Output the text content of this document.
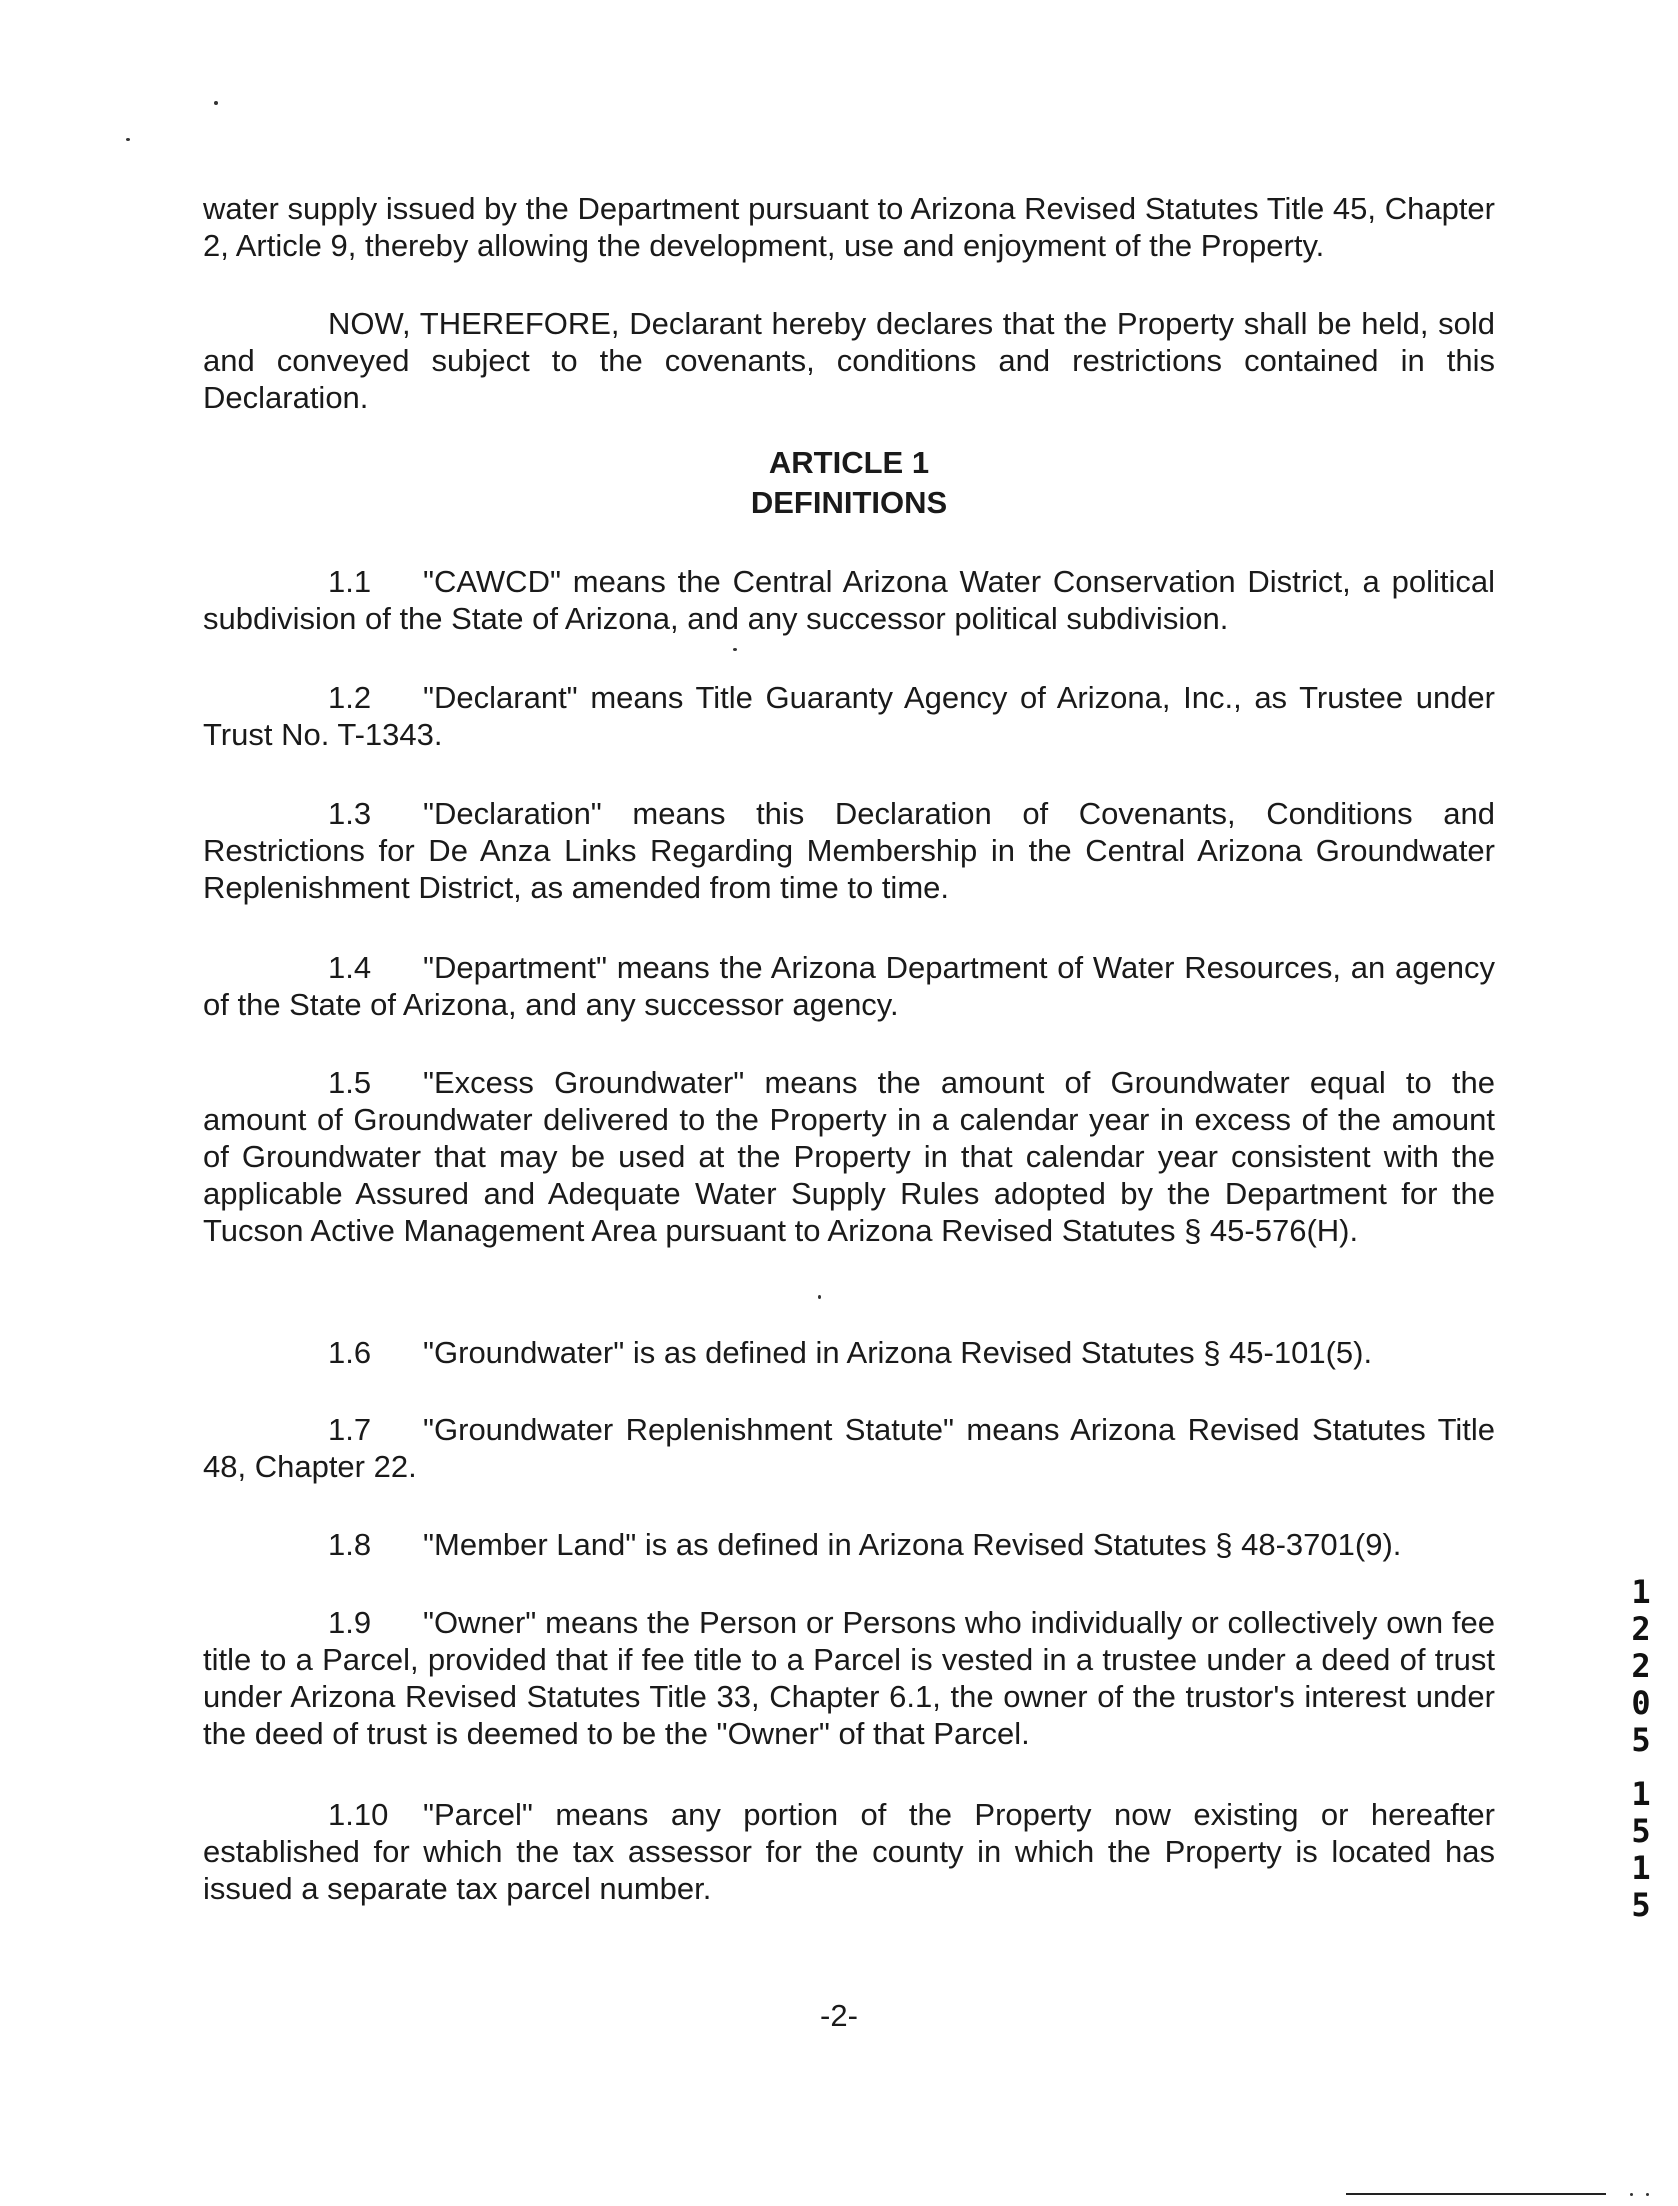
water supply issued by the Department pursuant to Arizona Revised Statutes Title 45, Chapter 2, Article 9, thereby allowing the development, use and enjoyment of the Property.

NOW, THEREFORE, Declarant hereby declares that the Property shall be held, sold and conveyed subject to the covenants, conditions and restrictions contained in this Declaration.

ARTICLE 1
DEFINITIONS

1.1 "CAWCD" means the Central Arizona Water Conservation District, a political subdivision of the State of Arizona, and any successor political subdivision.

1.2 "Declarant" means Title Guaranty Agency of Arizona, Inc., as Trustee under Trust No. T-1343.

1.3 "Declaration" means this Declaration of Covenants, Conditions and Restrictions for De Anza Links Regarding Membership in the Central Arizona Groundwater Replenishment District, as amended from time to time.

1.4 "Department" means the Arizona Department of Water Resources, an agency of the State of Arizona, and any successor agency.

1.5 "Excess Groundwater" means the amount of Groundwater equal to the amount of Groundwater delivered to the Property in a calendar year in excess of the amount of Groundwater that may be used at the Property in that calendar year consistent with the applicable Assured and Adequate Water Supply Rules adopted by the Department for the Tucson Active Management Area pursuant to Arizona Revised Statutes § 45-576(H).

1.6 "Groundwater" is as defined in Arizona Revised Statutes § 45-101(5).

1.7 "Groundwater Replenishment Statute" means Arizona Revised Statutes Title 48, Chapter 22.

1.8 "Member Land" is as defined in Arizona Revised Statutes § 48-3701(9).

1.9 "Owner" means the Person or Persons who individually or collectively own fee title to a Parcel, provided that if fee title to a Parcel is vested in a trustee under a deed of trust under Arizona Revised Statutes Title 33, Chapter 6.1, the owner of the trustor's interest under the deed of trust is deemed to be the "Owner" of that Parcel.

1.10 "Parcel" means any portion of the Property now existing or hereafter established for which the tax assessor for the county in which the Property is located has issued a separate tax parcel number.

-2-
1
2
2
0
5
1
5
1
5
